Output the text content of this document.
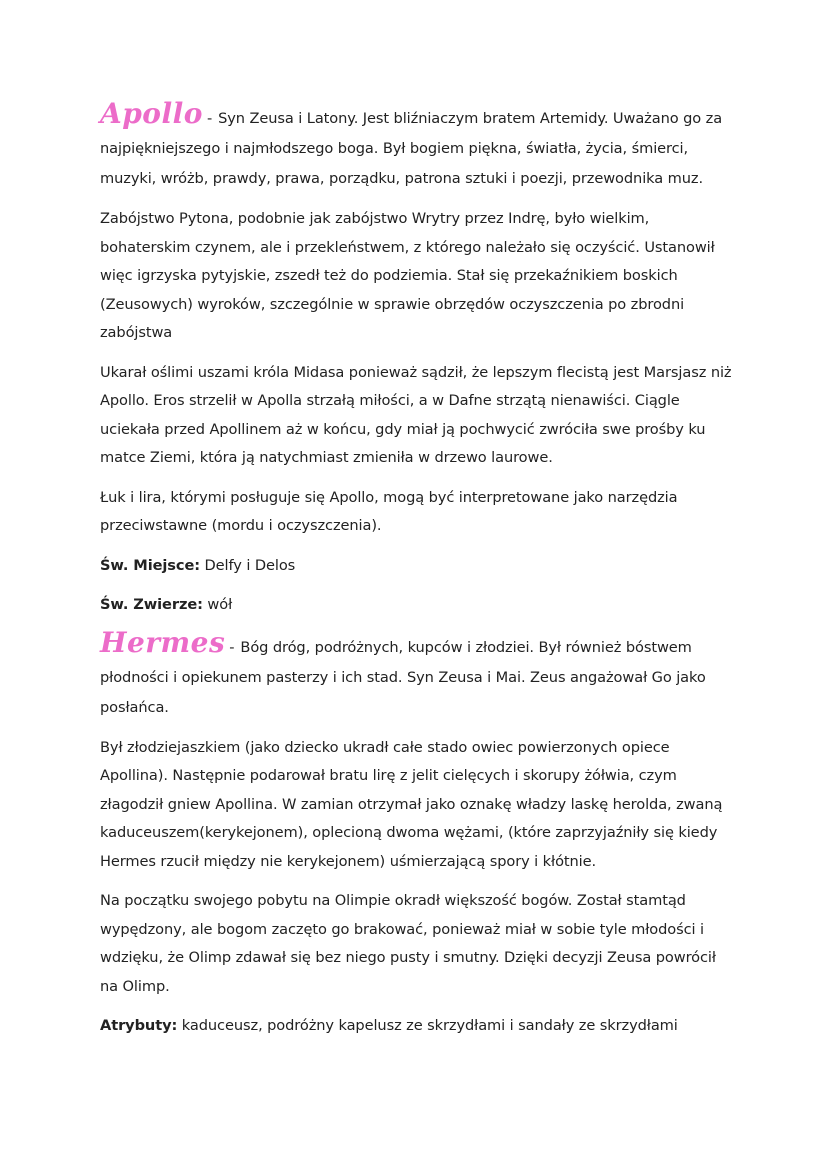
Apollo - Syn Zeusa i Latony. Jest bliźniaczym bratem Artemidy. Uważano go za najpiękniejszego i najmłodszego boga. Był bogiem piękna, światła, życia, śmierci, muzyki, wróżb, prawdy, prawa, porządku, patrona sztuki i poezji, przewodnika muz.

Zabójstwo Pytona, podobnie jak zabójstwo Wrytry przez Indrę, było wielkim, bohaterskim czynem, ale i przekleństwem, z którego należało się oczyścić. Ustanowił więc igrzyska pytyjskie, zszedł też do podziemia. Stał się przekaźnikiem boskich (Zeusowych) wyroków, szczególnie w sprawie obrzędów oczyszczenia po zbrodni zabójstwa

Ukarał oślimi uszami króla Midasa ponieważ sądził, że lepszym flecistą jest Marsjasz niż Apollo. Eros strzelił w Apolla strzałą miłości, a w Dafne strzątą nienawiści. Ciągle uciekała przed Apollinem aż w końcu, gdy miał ją pochwycić zwróciła swe prośby ku matce Ziemi, która ją natychmiast zmieniła w drzewo laurowe.

Łuk i lira, którymi posługuje się Apollo, mogą być interpretowane jako narzędzia przeciwstawne (mordu i oczyszczenia).

Św. Miejsce: Delfy i Delos

Św. Zwierze: wół

Hermes - Bóg dróg, podróżnych, kupców i złodziei. Był również bóstwem płodności i opiekunem pasterzy i ich stad. Syn Zeusa i Mai. Zeus angażował Go jako posłańca.

Był złodziejaszkiem (jako dziecko ukradł całe stado owiec powierzonych opiece Apollina). Następnie podarował bratu lirę z jelit cielęcych i skorupy żółwia, czym złagodził gniew Apollina. W zamian otrzymał jako oznakę władzy laskę herolda, zwaną kaduceuszem(kerykejonem), oplecioną dwoma wężami, (które zaprzyjaźniły się kiedy Hermes rzucił między nie kerykejonem) uśmierzającą spory i kłótnie.

Na początku swojego pobytu na Olimpie okradł większość bogów. Został stamtąd wypędzony, ale bogom zaczęto go brakować, ponieważ miał w sobie tyle młodości i wdzięku, że Olimp zdawał się bez niego pusty i smutny. Dzięki decyzji Zeusa powrócił na Olimp.

Atrybuty: kaduceusz, podróżny kapelusz ze skrzydłami i sandały ze skrzydłami
